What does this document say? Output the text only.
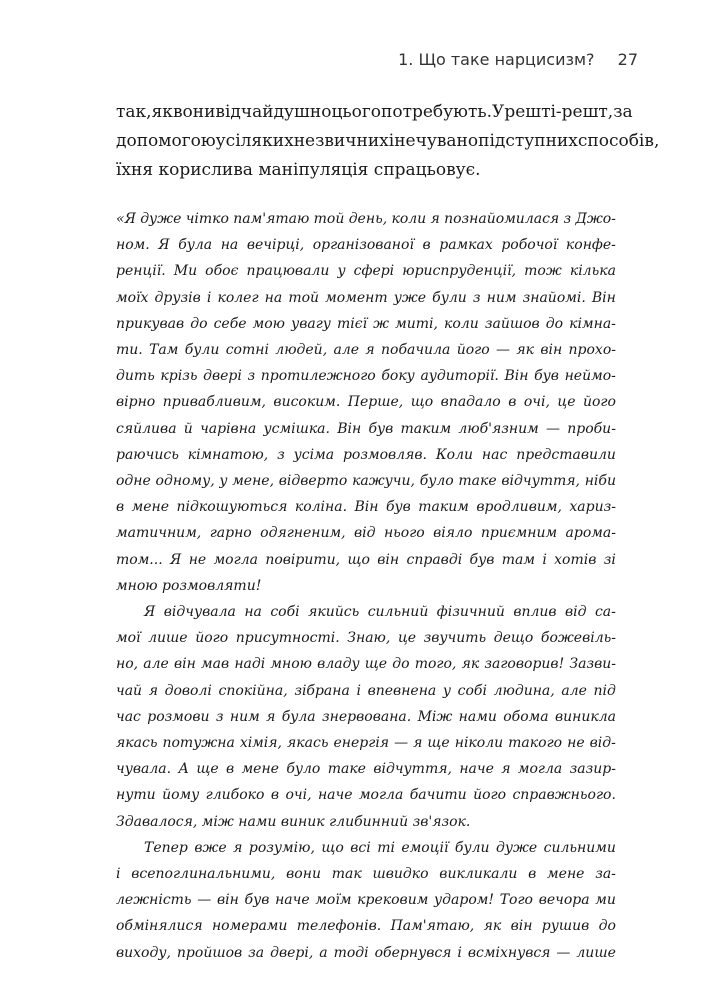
1. Що таке нарцисизм? 27
так, як вони відчайдушно цього потребують. Урешті-решт, за
допомогою усіляких незвичних і нечувано підступних способів,
їхня корислива маніпуляція спрацьовує.
«Я дуже чітко пам'ятаю той день, коли я познайомилася з Джо-
ном. Я була на вечірці, організованої в рамках робочої конфе-
ренції. Ми обоє працювали у сфері юриспруденції, тож кілька
моїх друзів і колег на той момент уже були з ним знайомі. Він
прикував до себе мою увагу тієї ж миті, коли зайшов до кімна-
ти. Там були сотні людей, але я побачила його — як він прохо-
дить крізь двері з протилежного боку аудиторії. Він був неймо-
вірно привабливим, високим. Перше, що впадало в очі, це його
сяйлива й чарівна усмішка. Він був таким люб'язним — проби-
раючись кімнатою, з усіма розмовляв. Коли нас представили
одне одному, у мене, відверто кажучи, було таке відчуття, ніби
в мене підкошуються коліна. Він був таким вродливим, хариз-
матичним, гарно одягненим, від нього віяло приємним арома-
том... Я не могла повірити, що він справді був там і хотів зі
мною розмовляти!
Я відчувала на собі якийсь сильний фізичний вплив від са-
мої лише його присутності. Знаю, це звучить дещо божевіль-
но, але він мав наді мною владу ще до того, як заговорив! Зазви-
чай я доволі спокійна, зібрана і впевнена у собі людина, але під
час розмови з ним я була знервована. Між нами обома виникла
якась потужна хімія, якась енергія — я ще ніколи такого не від-
чувала. А ще в мене було таке відчуття, наче я могла зазир-
нути йому глибоко в очі, наче могла бачити його справжнього.
Здавалося, між нами виник глибинний зв'язок.
Тепер вже я розумію, що всі ті емоції були дуже сильними
і всепоглинальними, вони так швидко викликали в мене за-
лежність — він був наче моїм крековим ударом! Того вечора ми
обмінялися номерами телефонів. Пам'ятаю, як він рушив до
виходу, пройшов за двері, а тоді обернувся і всміхнувся — лише
